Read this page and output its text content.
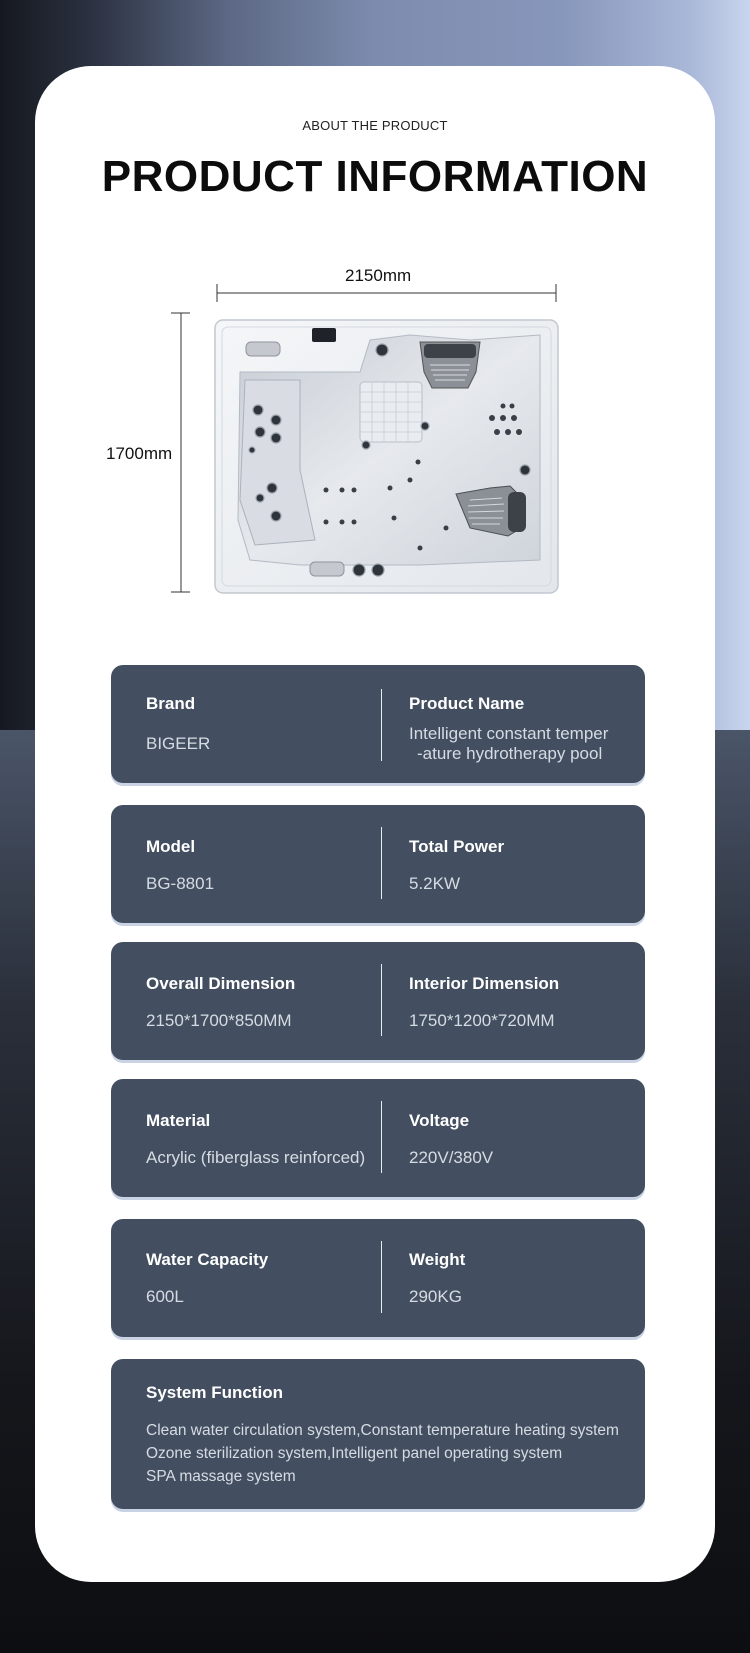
ABOUT THE PRODUCT
PRODUCT INFORMATION
2150mm
1700mm
Brand
BIGEER
Product Name
Intelligent constant temper
-ature hydrotherapy pool
Model
BG-8801
Total Power
5.2KW
Overall Dimension
2150*1700*850MM
Interior Dimension
1750*1200*720MM
Material
Acrylic (fiberglass reinforced)
Voltage
220V/380V
Water Capacity
600L
Weight
290KG
System Function
Clean water circulation system,Constant temperature heating system
Ozone sterilization system,Intelligent panel operating system
SPA massage system
